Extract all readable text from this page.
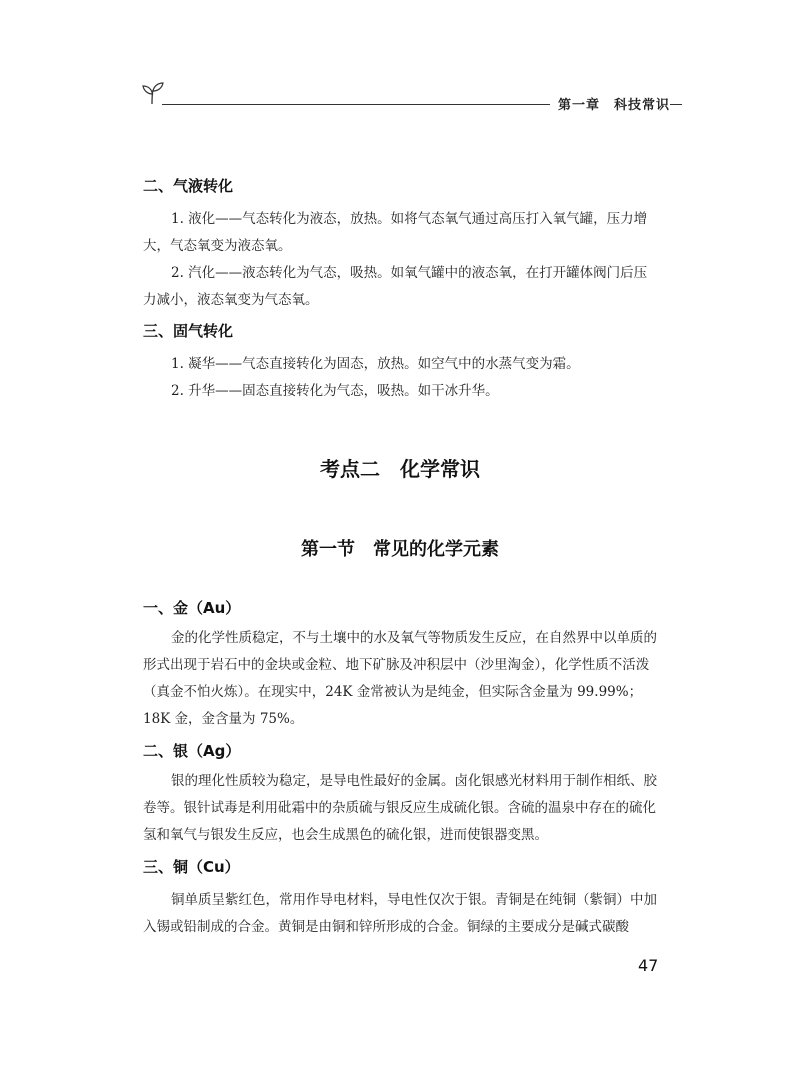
第一章　科技常识
二、气液转化

1. 液化——气态转化为液态，放热。如将气态氧气通过高压打入氧气罐，压力增大，气态氧变为液态氧。

2. 汽化——液态转化为气态，吸热。如氧气罐中的液态氧，在打开罐体阀门后压力减小，液态氧变为气态氧。

三、固气转化

1. 凝华——气态直接转化为固态，放热。如空气中的水蒸气变为霜。

2. 升华——固态直接转化为气态，吸热。如干冰升华。

考点二　化学常识
第一节　常见的化学元素
一、金（Au）

金的化学性质稳定，不与土壤中的水及氧气等物质发生反应，在自然界中以单质的形式出现于岩石中的金块或金粒、地下矿脉及冲积层中（沙里淘金），化学性质不活泼（真金不怕火炼）。在现实中，24K 金常被认为是纯金，但实际含金量为 99.99%；18K 金，金含量为 75%。

二、银（Ag）

银的理化性质较为稳定，是导电性最好的金属。卤化银感光材料用于制作相纸、胶卷等。银针试毒是利用砒霜中的杂质硫与银反应生成硫化银。含硫的温泉中存在的硫化氢和氧气与银发生反应，也会生成黑色的硫化银，进而使银器变黑。

三、铜（Cu）

铜单质呈紫红色，常用作导电材料，导电性仅次于银。青铜是在纯铜（紫铜）中加入锡或铅制成的合金。黄铜是由铜和锌所形成的合金。铜绿的主要成分是碱式碳酸

47
